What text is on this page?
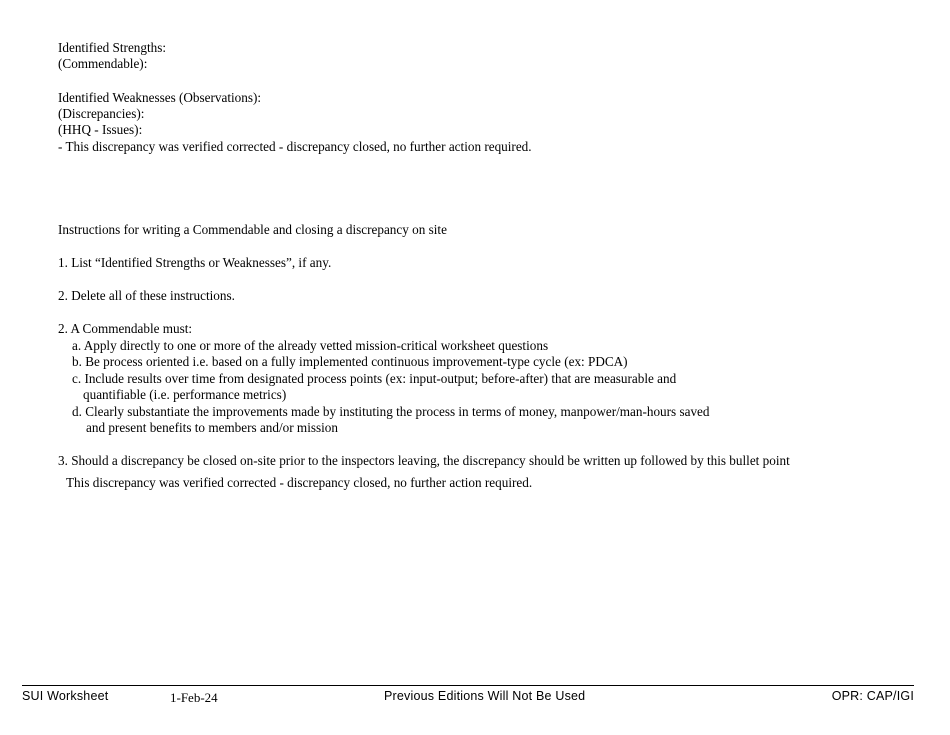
Identified Strengths:
(Commendable):
Identified Weaknesses (Observations):
(Discrepancies):
(HHQ - Issues):
- This discrepancy was verified corrected - discrepancy closed, no further action required.
Instructions for writing a Commendable and closing a discrepancy on site
1. List “Identified Strengths or Weaknesses”, if any.
2. Delete all of these instructions.
2. A Commendable must:
a. Apply directly to one or more of the already vetted mission-critical worksheet questions
b. Be process oriented i.e. based on a fully implemented continuous improvement-type cycle (ex: PDCA)
c. Include results over time from designated process points (ex: input-output; before-after) that are measurable and
quantifiable (i.e. performance metrics)
d. Clearly substantiate the improvements made by instituting the process in terms of money, manpower/man-hours saved
and present benefits to members and/or mission
3. Should a discrepancy be closed on-site prior to the inspectors leaving, the discrepancy should be written up followed by this bullet point
This discrepancy was verified corrected - discrepancy closed, no further action required.
SUI Worksheet	1-Feb-24	Previous Editions Will Not Be Used	OPR: CAP/IGI
